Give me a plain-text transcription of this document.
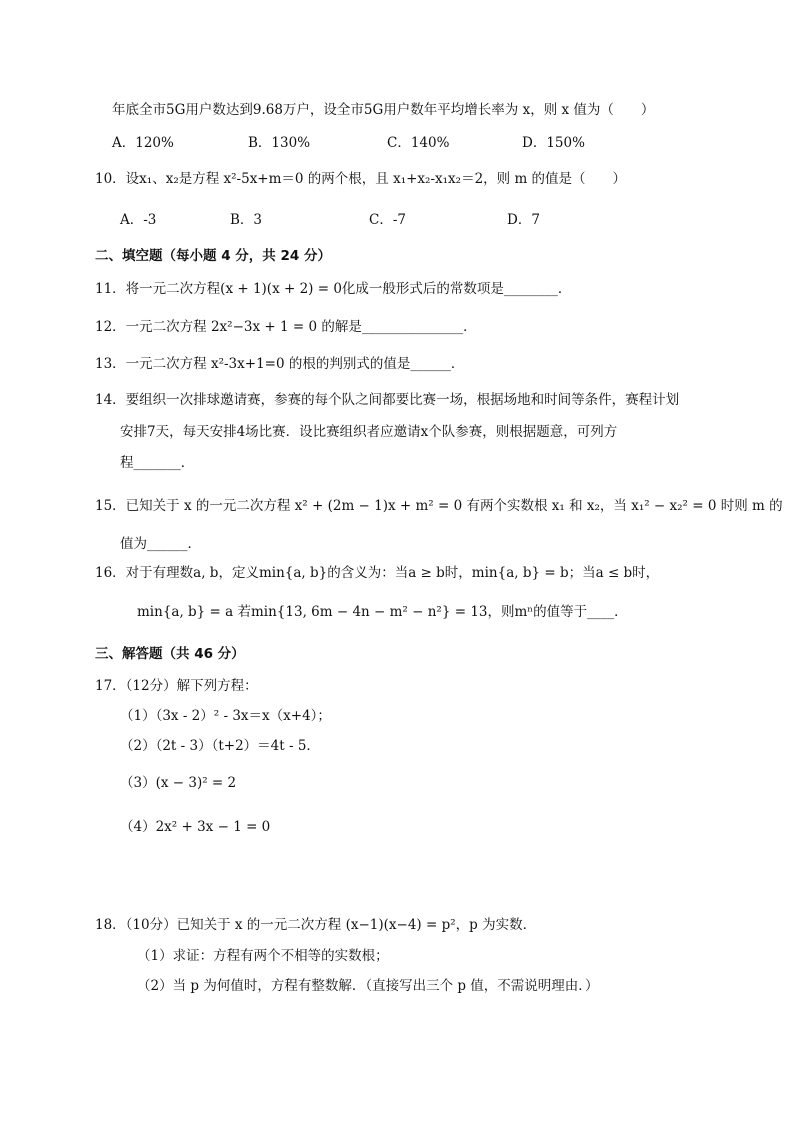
年底全市5G用户数达到9.68万户，设全市5G用户数年平均增长率为 x，则 x 值为（　　）
A．120%	B．130%	C．140%	D．150%
10．设x₁、x₂是方程 x²-5x+m＝0 的两个根，且 x₁+x₂-x₁x₂＝2，则 m 的值是（　　）
A．-3	B．3	C．-7	D．7
二、填空题（每小题 4 分，共 24 分）
11．将一元二次方程(x + 1)(x + 2) = 0化成一般形式后的常数项是________．
12．一元二次方程 2x²−3x + 1 = 0 的解是_______________．
13．一元二次方程 x²-3x+1=0 的根的判别式的值是______．
14．要组织一次排球邀请赛，参赛的每个队之间都要比赛一场，根据场地和时间等条件，赛程计划
安排7天，每天安排4场比赛．设比赛组织者应邀请x个队参赛，则根据题意，可列方
程_______．
15．已知关于 x 的一元二次方程 x² + (2m − 1)x + m² = 0 有两个实数根 x₁ 和 x₂，当 x₁² − x₂² = 0 时则 m 的
值为______．
16．对于有理数a, b，定义min{a, b}的含义为：当a ≥ b时，min{a, b} = b；当a ≤ b时，
min{a, b} = a 若min{13, 6m − 4n − m² − n²} = 13，则mⁿ的值等于____．
三、解答题（共 46 分）
17．（12分）解下列方程：
（1）（3x - 2）² - 3x＝x（x+4）；
（2）（2t - 3）（t+2）＝4t - 5．
（3）(x − 3)² = 2
（4）2x² + 3x − 1 = 0
18．（10分）已知关于 x 的一元二次方程 (x−1)(x−4) = p²，p 为实数．
（1）求证：方程有两个不相等的实数根；
（2）当 p 为何值时，方程有整数解．（直接写出三个 p 值，不需说明理由．）
